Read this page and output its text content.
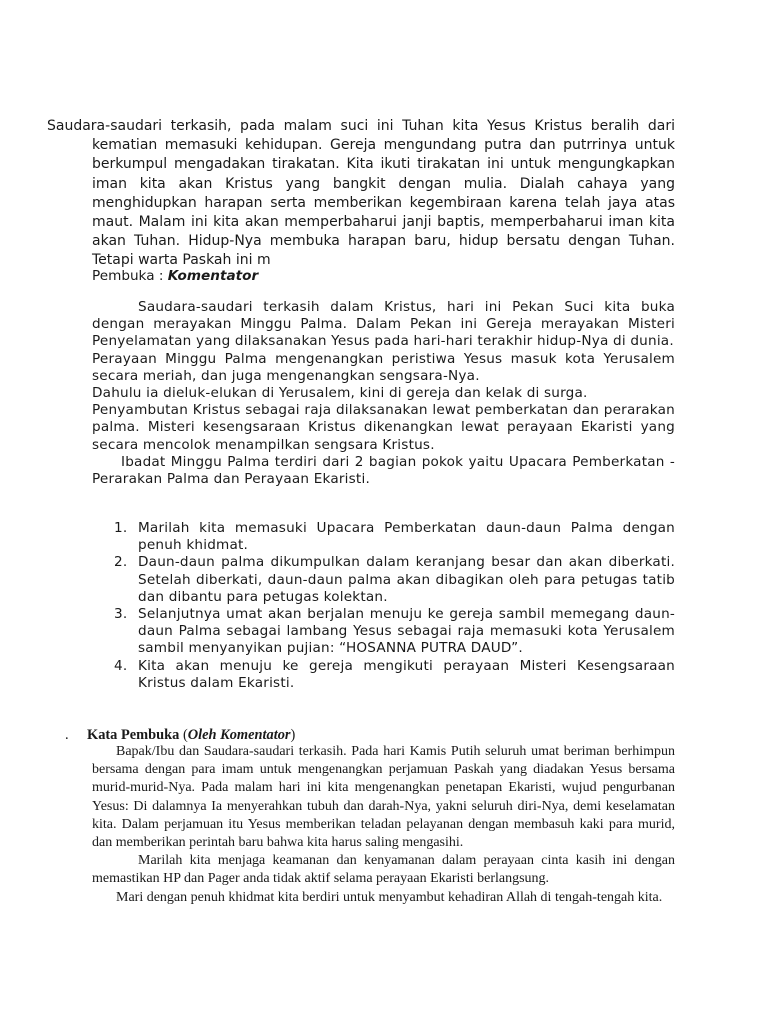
Saudara-saudari terkasih, pada malam suci ini Tuhan kita Yesus Kristus beralih dari kematian memasuki kehidupan. Gereja mengundang putra dan putrrinya untuk berkumpul mengadakan tirakatan. Kita ikuti tirakatan ini untuk mengungkapkan iman kita akan Kristus yang bangkit dengan mulia. Dialah cahaya yang menghidupkan harapan serta memberikan kegembiraan karena telah jaya atas maut. Malam ini kita akan memperbaharui janji baptis, memperbaharui iman kita akan Tuhan. Hidup-Nya membuka harapan baru, hidup bersatu dengan Tuhan. Tetapi warta Paskah ini m

Pembuka : Komentator

Saudara-saudari terkasih dalam Kristus, hari ini Pekan Suci kita buka dengan merayakan Minggu Palma. Dalam Pekan ini Gereja merayakan Misteri Penyelamatan yang dilaksanakan Yesus pada hari-hari terakhir hidup-Nya di dunia.

Perayaan Minggu Palma mengenangkan peristiwa Yesus masuk kota Yerusalem secara meriah, dan juga mengenangkan sengsara-Nya.

Dahulu ia dieluk-elukan di Yerusalem, kini di gereja dan kelak di surga.

Penyambutan Kristus sebagai raja dilaksanakan lewat pemberkatan dan perarakan palma. Misteri kesengsaraan Kristus dikenangkan lewat perayaan Ekaristi yang secara mencolok menampilkan sengsara Kristus.

Ibadat Minggu Palma terdiri dari 2 bagian pokok yaitu Upacara Pemberkatan -Perarakan Palma dan Perayaan Ekaristi.

1. Marilah kita memasuki Upacara Pemberkatan daun-daun Palma dengan penuh khidmat.
2. Daun-daun palma dikumpulkan dalam keranjang besar dan akan diberkati. Setelah diberkati, daun-daun palma akan dibagikan oleh para petugas tatib dan dibantu para petugas kolektan.
3. Selanjutnya umat akan berjalan menuju ke gereja sambil memegang daun-daun Palma sebagai lambang Yesus sebagai raja memasuki kota Yerusalem sambil menyanyikan pujian: “HOSANNA PUTRA DAUD”.
4. Kita akan menuju ke gereja mengikuti perayaan Misteri Kesengsaraan Kristus dalam Ekaristi.
. Kata Pembuka (Oleh Komentator)

Bapak/Ibu dan Saudara-saudari terkasih. Pada hari Kamis Putih seluruh umat beriman berhimpun bersama dengan para imam untuk mengenangkan perjamuan Paskah yang diadakan Yesus bersama murid-murid-Nya. Pada malam hari ini kita mengenangkan penetapan Ekaristi, wujud pengurbanan Yesus: Di dalamnya Ia menyerahkan tubuh dan darah-Nya, yakni seluruh diri-Nya, demi keselamatan kita. Dalam perjamuan itu Yesus memberikan teladan pelayanan dengan membasuh kaki para murid, dan memberikan perintah baru bahwa kita harus saling mengasihi.

Marilah kita menjaga keamanan dan kenyamanan dalam perayaan cinta kasih ini dengan memastikan HP dan Pager anda tidak aktif selama perayaan Ekaristi berlangsung.

Mari dengan penuh khidmat kita berdiri untuk menyambut kehadiran Allah di tengah-tengah kita.
